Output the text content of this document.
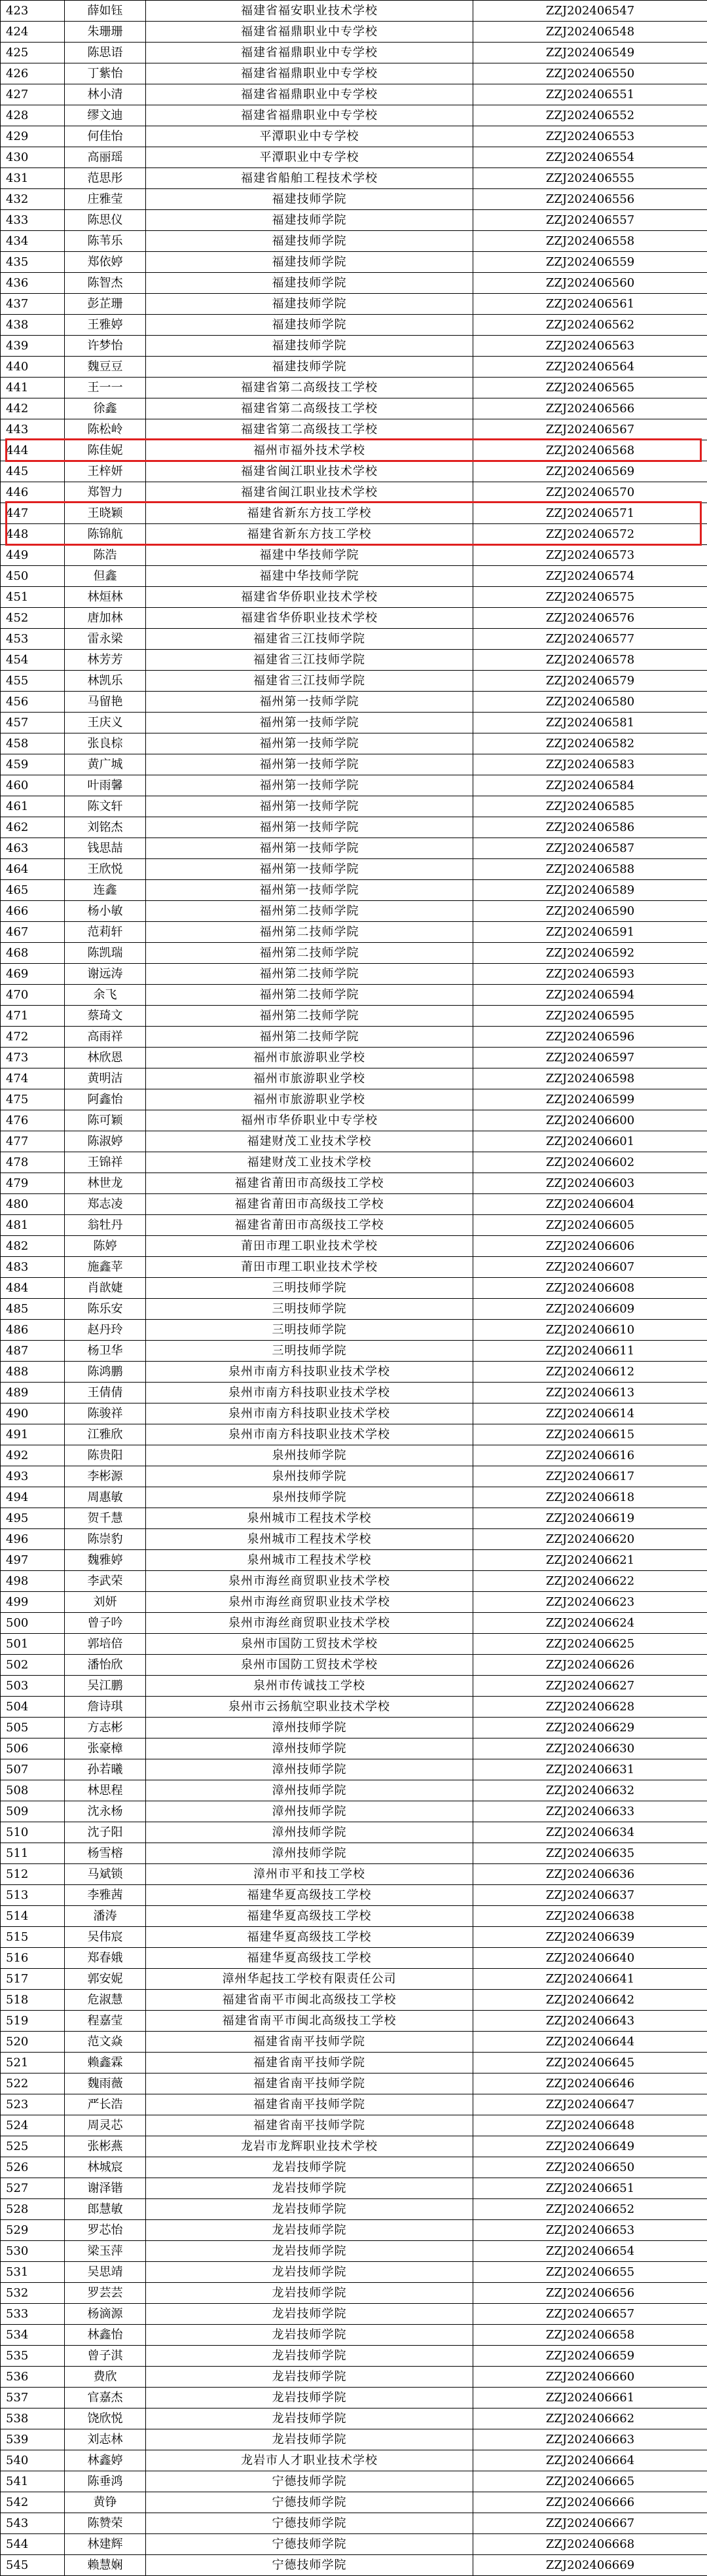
423	薛如钰	福建省福安职业技术学校	ZZJ202406547
424	朱珊珊	福建省福鼎职业中专学校	ZZJ202406548
425	陈思语	福建省福鼎职业中专学校	ZZJ202406549
426	丁紫怡	福建省福鼎职业中专学校	ZZJ202406550
427	林小清	福建省福鼎职业中专学校	ZZJ202406551
428	缪文迪	福建省福鼎职业中专学校	ZZJ202406552
429	何佳怡	平潭职业中专学校	ZZJ202406553
430	高丽瑶	平潭职业中专学校	ZZJ202406554
431	范思彤	福建省船舶工程技术学校	ZZJ202406555
432	庄雅莹	福建技师学院	ZZJ202406556
433	陈思仪	福建技师学院	ZZJ202406557
434	陈苇乐	福建技师学院	ZZJ202406558
435	郑依婷	福建技师学院	ZZJ202406559
436	陈智杰	福建技师学院	ZZJ202406560
437	彭芷珊	福建技师学院	ZZJ202406561
438	王雅婷	福建技师学院	ZZJ202406562
439	许梦怡	福建技师学院	ZZJ202406563
440	魏豆豆	福建技师学院	ZZJ202406564
441	王一一	福建省第二高级技工学校	ZZJ202406565
442	徐鑫	福建省第二高级技工学校	ZZJ202406566
443	陈松岭	福建省第二高级技工学校	ZZJ202406567
444	陈佳妮	福州市福外技术学校	ZZJ202406568
445	王梓妍	福建省闽江职业技术学校	ZZJ202406569
446	郑智力	福建省闽江职业技术学校	ZZJ202406570
447	王晓颖	福建省新东方技工学校	ZZJ202406571
448	陈锦航	福建省新东方技工学校	ZZJ202406572
449	陈浩	福建中华技师学院	ZZJ202406573
450	但鑫	福建中华技师学院	ZZJ202406574
451	林烜林	福建省华侨职业技术学校	ZZJ202406575
452	唐加林	福建省华侨职业技术学校	ZZJ202406576
453	雷永梁	福建省三江技师学院	ZZJ202406577
454	林芳芳	福建省三江技师学院	ZZJ202406578
455	林凯乐	福建省三江技师学院	ZZJ202406579
456	马留艳	福州第一技师学院	ZZJ202406580
457	王庆义	福州第一技师学院	ZZJ202406581
458	张良棕	福州第一技师学院	ZZJ202406582
459	黄广城	福州第一技师学院	ZZJ202406583
460	叶雨馨	福州第一技师学院	ZZJ202406584
461	陈文轩	福州第一技师学院	ZZJ202406585
462	刘铭杰	福州第一技师学院	ZZJ202406586
463	钱思喆	福州第一技师学院	ZZJ202406587
464	王欣悦	福州第一技师学院	ZZJ202406588
465	连鑫	福州第一技师学院	ZZJ202406589
466	杨小敏	福州第二技师学院	ZZJ202406590
467	范莉轩	福州第二技师学院	ZZJ202406591
468	陈凯瑞	福州第二技师学院	ZZJ202406592
469	谢远涛	福州第二技师学院	ZZJ202406593
470	余飞	福州第二技师学院	ZZJ202406594
471	蔡琦文	福州第二技师学院	ZZJ202406595
472	高雨祥	福州第二技师学院	ZZJ202406596
473	林欣恩	福州市旅游职业学校	ZZJ202406597
474	黄明洁	福州市旅游职业学校	ZZJ202406598
475	阿鑫怡	福州市旅游职业学校	ZZJ202406599
476	陈可颖	福州市华侨职业中专学校	ZZJ202406600
477	陈淑婷	福建财茂工业技术学校	ZZJ202406601
478	王锦祥	福建财茂工业技术学校	ZZJ202406602
479	林世龙	福建省莆田市高级技工学校	ZZJ202406603
480	郑志凌	福建省莆田市高级技工学校	ZZJ202406604
481	翁牡丹	福建省莆田市高级技工学校	ZZJ202406605
482	陈婷	莆田市理工职业技术学校	ZZJ202406606
483	施鑫苹	莆田市理工职业技术学校	ZZJ202406607
484	肖歆婕	三明技师学院	ZZJ202406608
485	陈乐安	三明技师学院	ZZJ202406609
486	赵丹玲	三明技师学院	ZZJ202406610
487	杨卫华	三明技师学院	ZZJ202406611
488	陈鸿鹏	泉州市南方科技职业技术学校	ZZJ202406612
489	王倩倩	泉州市南方科技职业技术学校	ZZJ202406613
490	陈骏祥	泉州市南方科技职业技术学校	ZZJ202406614
491	江雅欣	泉州市南方科技职业技术学校	ZZJ202406615
492	陈贵阳	泉州技师学院	ZZJ202406616
493	李彬源	泉州技师学院	ZZJ202406617
494	周惠敏	泉州技师学院	ZZJ202406618
495	贺千慧	泉州城市工程技术学校	ZZJ202406619
496	陈崇豹	泉州城市工程技术学校	ZZJ202406620
497	魏雅婷	泉州城市工程技术学校	ZZJ202406621
498	李武荣	泉州市海丝商贸职业技术学校	ZZJ202406622
499	刘妍	泉州市海丝商贸职业技术学校	ZZJ202406623
500	曾子吟	泉州市海丝商贸职业技术学校	ZZJ202406624
501	郭培倍	泉州市国防工贸技术学校	ZZJ202406625
502	潘怡欣	泉州市国防工贸技术学校	ZZJ202406626
503	吴江鹏	泉州市传诚技工学校	ZZJ202406627
504	詹诗琪	泉州市云扬航空职业技术学校	ZZJ202406628
505	方志彬	漳州技师学院	ZZJ202406629
506	张豪樟	漳州技师学院	ZZJ202406630
507	孙若曦	漳州技师学院	ZZJ202406631
508	林思程	漳州技师学院	ZZJ202406632
509	沈永杨	漳州技师学院	ZZJ202406633
510	沈子阳	漳州技师学院	ZZJ202406634
511	杨雪榕	漳州技师学院	ZZJ202406635
512	马斌锁	漳州市平和技工学校	ZZJ202406636
513	李雅茜	福建华夏高级技工学校	ZZJ202406637
514	潘涛	福建华夏高级技工学校	ZZJ202406638
515	吴伟宸	福建华夏高级技工学校	ZZJ202406639
516	郑春娥	福建华夏高级技工学校	ZZJ202406640
517	郭安妮	漳州华起技工学校有限责任公司	ZZJ202406641
518	危淑慧	福建省南平市闽北高级技工学校	ZZJ202406642
519	程嘉莹	福建省南平市闽北高级技工学校	ZZJ202406643
520	范文焱	福建省南平技师学院	ZZJ202406644
521	赖鑫霖	福建省南平技师学院	ZZJ202406645
522	魏雨薇	福建省南平技师学院	ZZJ202406646
523	严长浩	福建省南平技师学院	ZZJ202406647
524	周灵芯	福建省南平技师学院	ZZJ202406648
525	张彬燕	龙岩市龙辉职业技术学校	ZZJ202406649
526	林城宸	龙岩技师学院	ZZJ202406650
527	谢泽锴	龙岩技师学院	ZZJ202406651
528	郎慧敏	龙岩技师学院	ZZJ202406652
529	罗芯怡	龙岩技师学院	ZZJ202406653
530	梁玉萍	龙岩技师学院	ZZJ202406654
531	吴思靖	龙岩技师学院	ZZJ202406655
532	罗芸芸	龙岩技师学院	ZZJ202406656
533	杨滴源	龙岩技师学院	ZZJ202406657
534	林鑫怡	龙岩技师学院	ZZJ202406658
535	曾子淇	龙岩技师学院	ZZJ202406659
536	费欣	龙岩技师学院	ZZJ202406660
537	官嘉杰	龙岩技师学院	ZZJ202406661
538	饶欣悦	龙岩技师学院	ZZJ202406662
539	刘志林	龙岩技师学院	ZZJ202406663
540	林鑫婷	龙岩市人才职业技术学校	ZZJ202406664
541	陈垂鸿	宁德技师学院	ZZJ202406665
542	黄铮	宁德技师学院	ZZJ202406666
543	陈赞荣	宁德技师学院	ZZJ202406667
544	林建辉	宁德技师学院	ZZJ202406668
545	赖慧娴	宁德技师学院	ZZJ202406669
